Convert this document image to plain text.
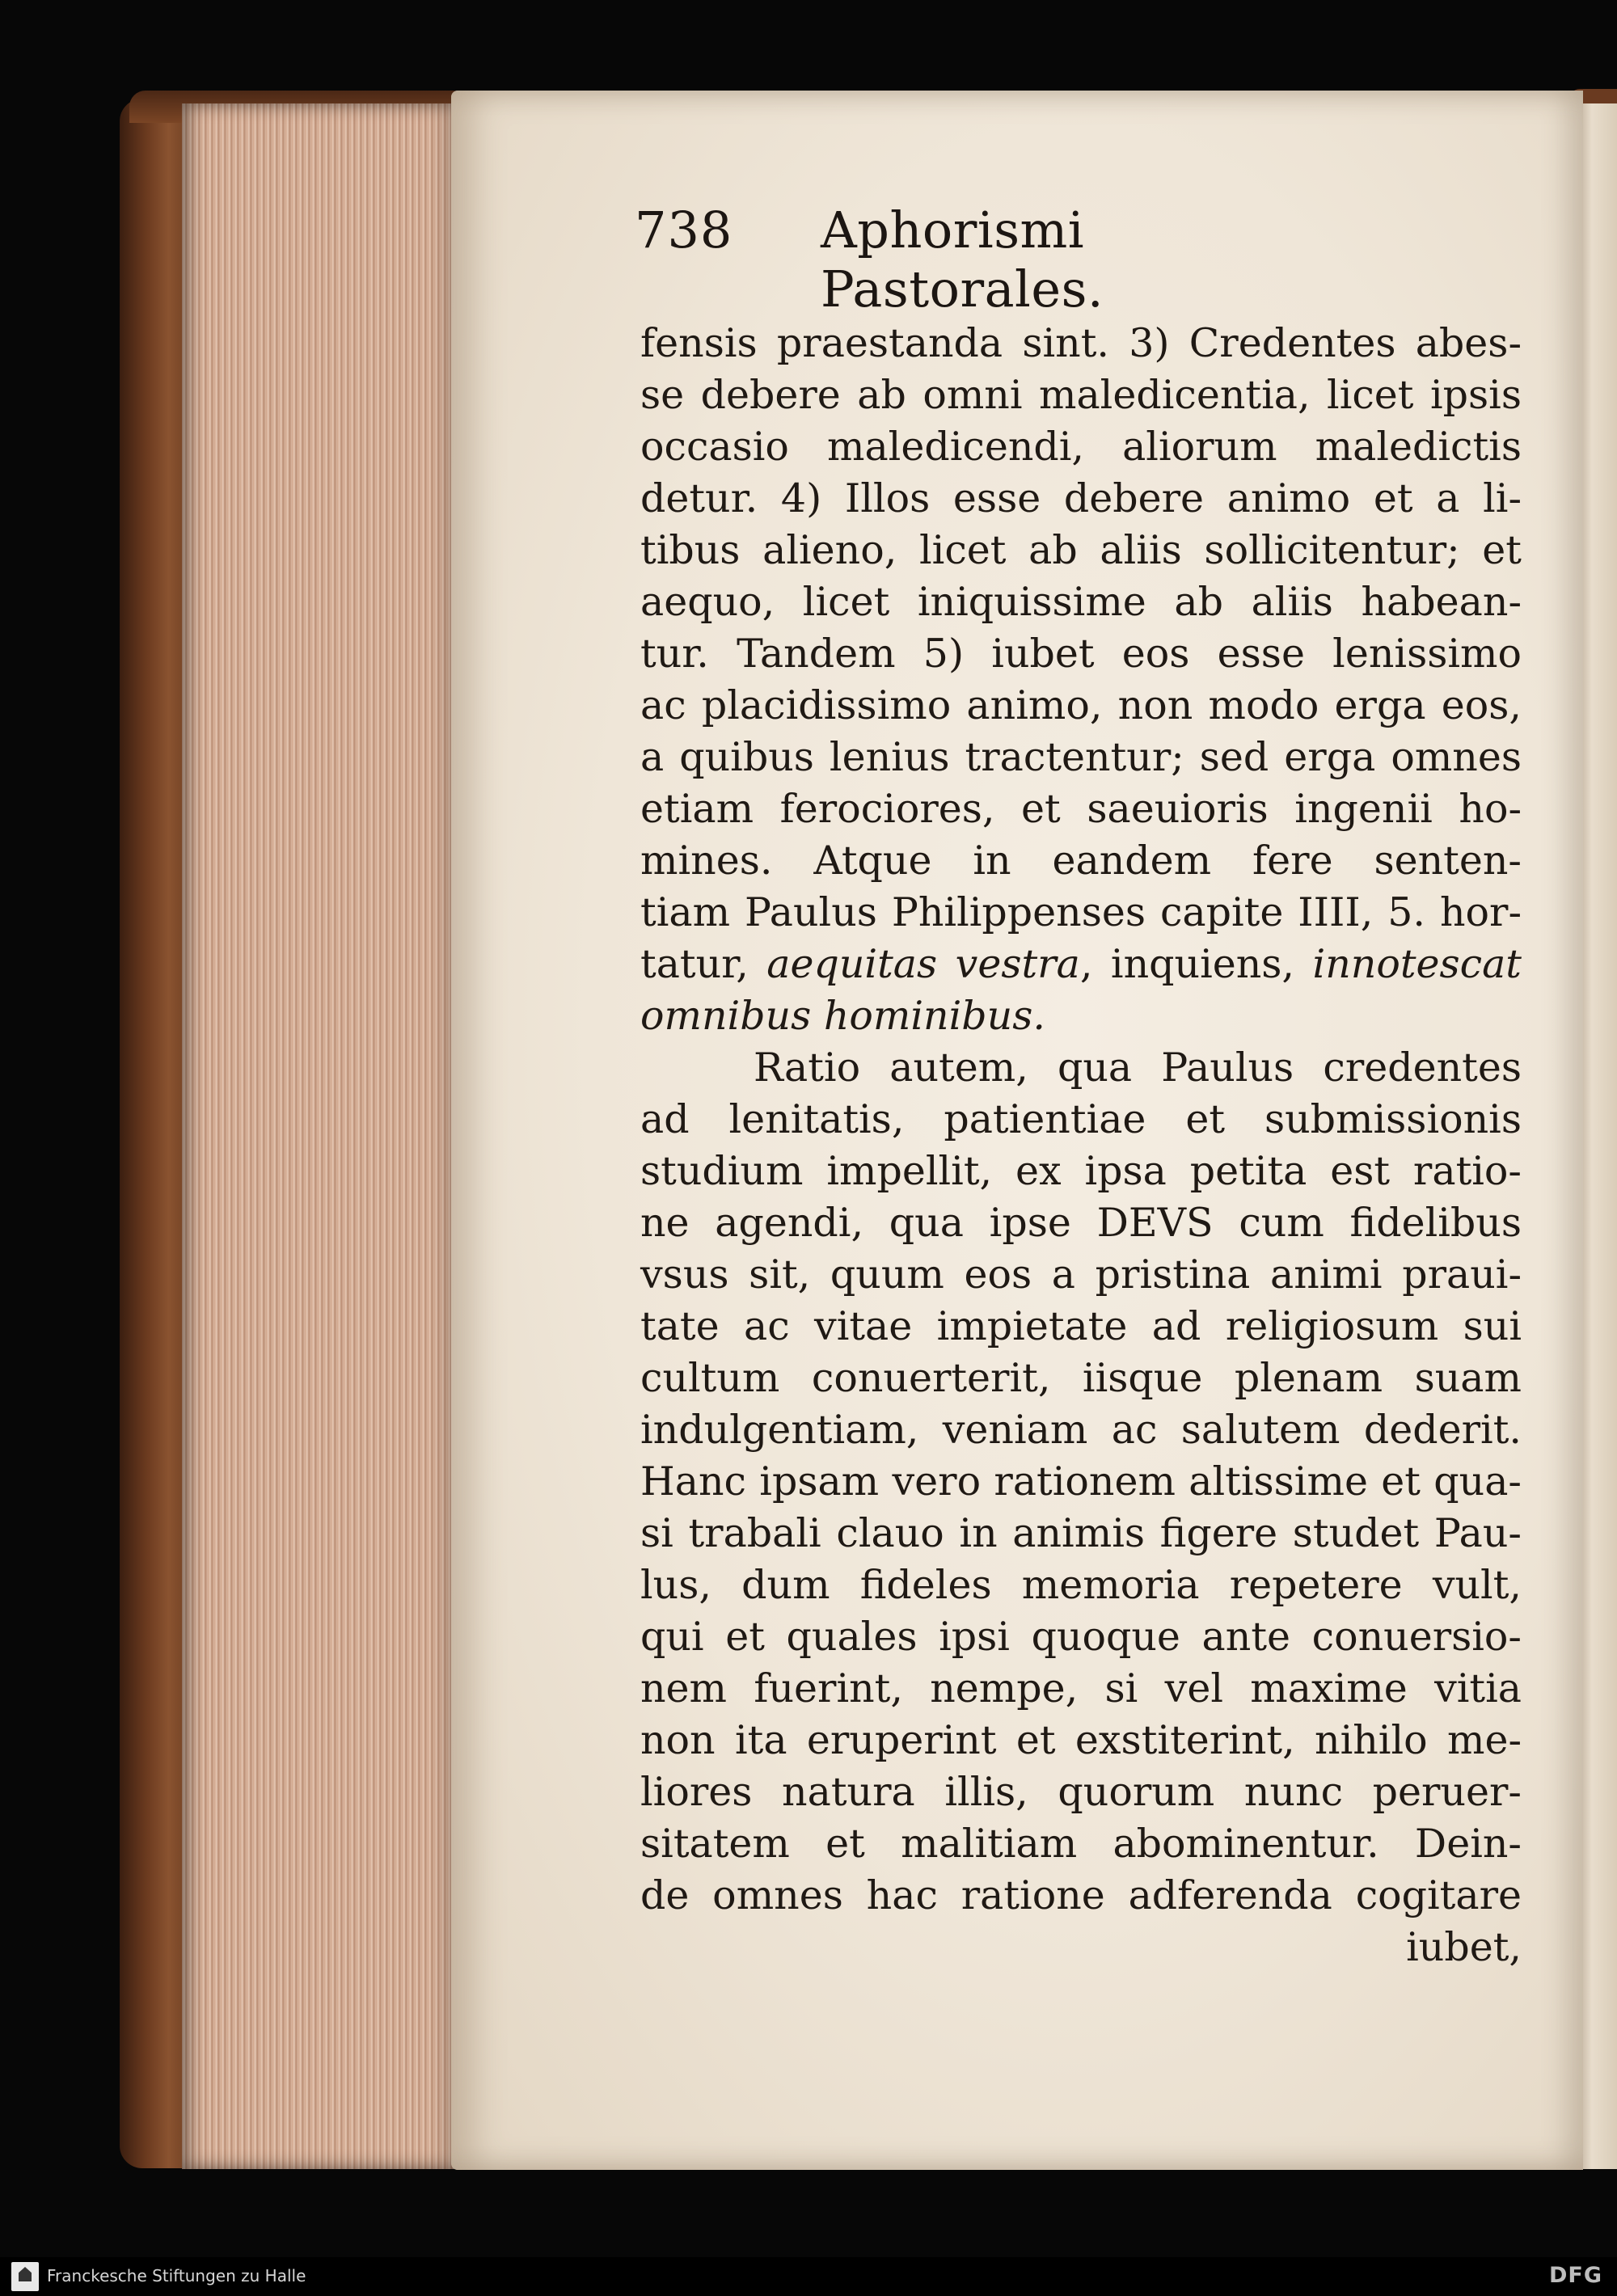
738 Aphorismi Pastorales.
fensis praestanda sint. 3) Credentes abes-
se debere ab omni maledicentia, licet ipsis
occasio maledicendi, aliorum maledictis
detur. 4) Illos esse debere animo et a li-
tibus alieno, licet ab aliis sollicitentur; et
aequo, licet iniquissime ab aliis habean-
tur. Tandem 5) iubet eos esse lenissimo
ac placidissimo animo, non modo erga eos,
a quibus lenius tractentur; sed erga omnes
etiam ferociores, et saeuioris ingenii ho-
mines. Atque in eandem fere senten-
tiam Paulus Philippenses capite IIII, 5. hor-
tatur, aequitas vestra, inquiens, innotescat
omnibus hominibus.
Ratio autem, qua Paulus credentes
ad lenitatis, patientiae et submissionis
studium impellit, ex ipsa petita est ratio-
ne agendi, qua ipse DEVS cum fidelibus
vsus sit, quum eos a pristina animi praui-
tate ac vitae impietate ad religiosum sui
cultum conuerterit, iisque plenam suam
indulgentiam, veniam ac salutem dederit.
Hanc ipsam vero rationem altissime et qua-
si trabali clauo in animis figere studet Pau-
lus, dum fideles memoria repetere vult,
qui et quales ipsi quoque ante conuersio-
nem fuerint, nempe, si vel maxime vitia
non ita eruperint et exstiterint, nihilo me-
liores natura illis, quorum nunc peruer-
sitatem et malitiam abominentur. Dein-
de omnes hac ratione adferenda cogitare
iubet,
Franckesche Stiftungen zu Halle	DFG
